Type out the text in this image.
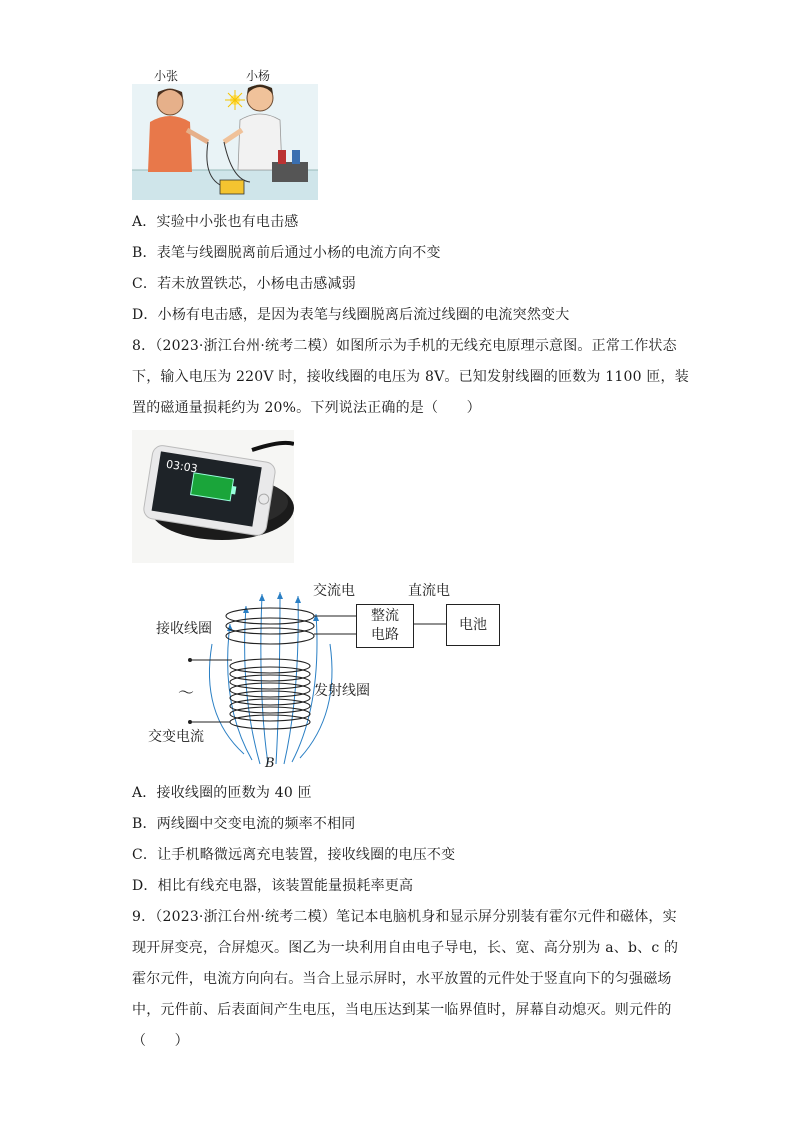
小张	小杨
A．实验中小张也有电击感
B．表笔与线圈脱离前后通过小杨的电流方向不变
C．若未放置铁芯，小杨电击感减弱
D．小杨有电击感，是因为表笔与线圈脱离后流过线圈的电流突然变大
8．（2023·浙江台州·统考二模）如图所示为手机的无线充电原理示意图。正常工作状态
下，输入电压为 220V 时，接收线圈的电压为 8V。已知发射线圈的匝数为 1100 匝，装
置的磁通量损耗约为 20%。下列说法正确的是（　　）
03:03
整流
电路
电池
交流电	直流电
接收线圈
发射线圈
～
交变电流
B
A．接收线圈的匝数为 40 匝
B．两线圈中交变电流的频率不相同
C．让手机略微远离充电装置，接收线圈的电压不变
D．相比有线充电器，该装置能量损耗率更高
9．（2023·浙江台州·统考二模）笔记本电脑机身和显示屏分别装有霍尔元件和磁体，实
现开屏变亮，合屏熄灭。图乙为一块利用自由电子导电，长、宽、高分别为 a、b、c 的
霍尔元件，电流方向向右。当合上显示屏时，水平放置的元件处于竖直向下的匀强磁场
中，元件前、后表面间产生电压，当电压达到某一临界值时，屏幕自动熄灭。则元件的
（　　）
